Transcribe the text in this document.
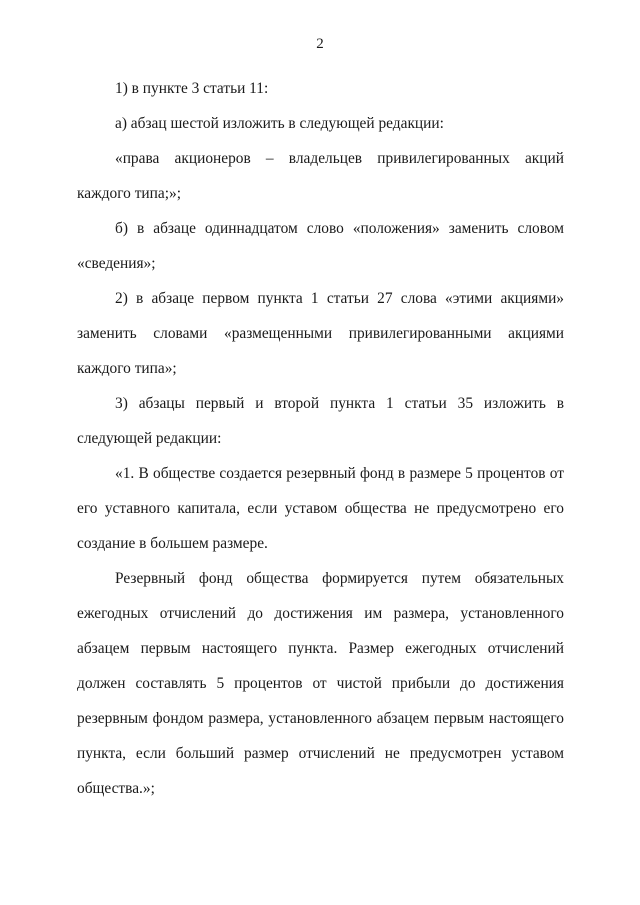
2

1) в пункте 3 статьи 11:

а) абзац шестой изложить в следующей редакции:

«права акционеров – владельцев привилегированных акций каждого типа;»;

б) в абзаце одиннадцатом слово «положения» заменить словом «сведения»;

2) в абзаце первом пункта 1 статьи 27 слова «этими акциями» заменить словами «размещенными привилегированными акциями каждого типа»;

3) абзацы первый и второй пункта 1 статьи 35 изложить в следующей редакции:

«1. В обществе создается резервный фонд в размере 5 процентов от его уставного капитала, если уставом общества не предусмотрено его создание в большем размере.

Резервный фонд общества формируется путем обязательных ежегодных отчислений до достижения им размера, установленного абзацем первым настоящего пункта. Размер ежегодных отчислений должен составлять 5 процентов от чистой прибыли до достижения резервным фондом размера, установленного абзацем первым настоящего пункта, если больший размер отчислений не предусмотрен уставом общества.»;
